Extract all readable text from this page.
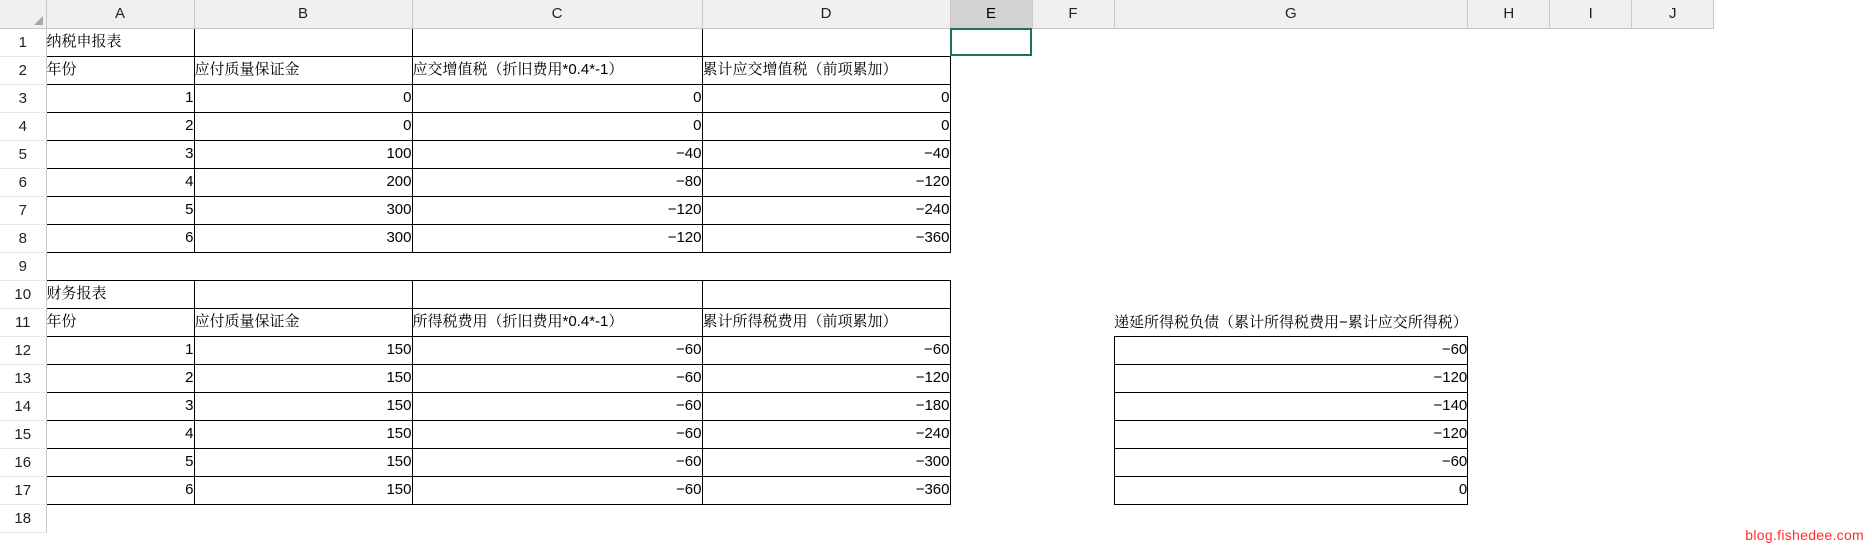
	A	B	C	D	E	F	G	H	I	J
1	纳税申报表									
2	年份	应付质量保证金	应交增值税（折旧费用*0.4*-1）	累计应交增值税（前项累加）						
3	1	0	0	0						
4	2	0	0	0						
5	3	100	−40	−40						
6	4	200	−80	−120						
7	5	300	−120	−240						
8	6	300	−120	−360						
9										
10	财务报表									
11	年份	应付质量保证金	所得税费用（折旧费用*0.4*-1）	累计所得税费用（前项累加）			递延所得税负债（累计所得税费用−累计应交所得税）			
12	1	150	−60	−60			−60			
13	2	150	−60	−120			−120			
14	3	150	−60	−180			−140			
15	4	150	−60	−240			−120			
16	5	150	−60	−300			−60			
17	6	150	−60	−360			0			
18										
blog.fishedee.com
